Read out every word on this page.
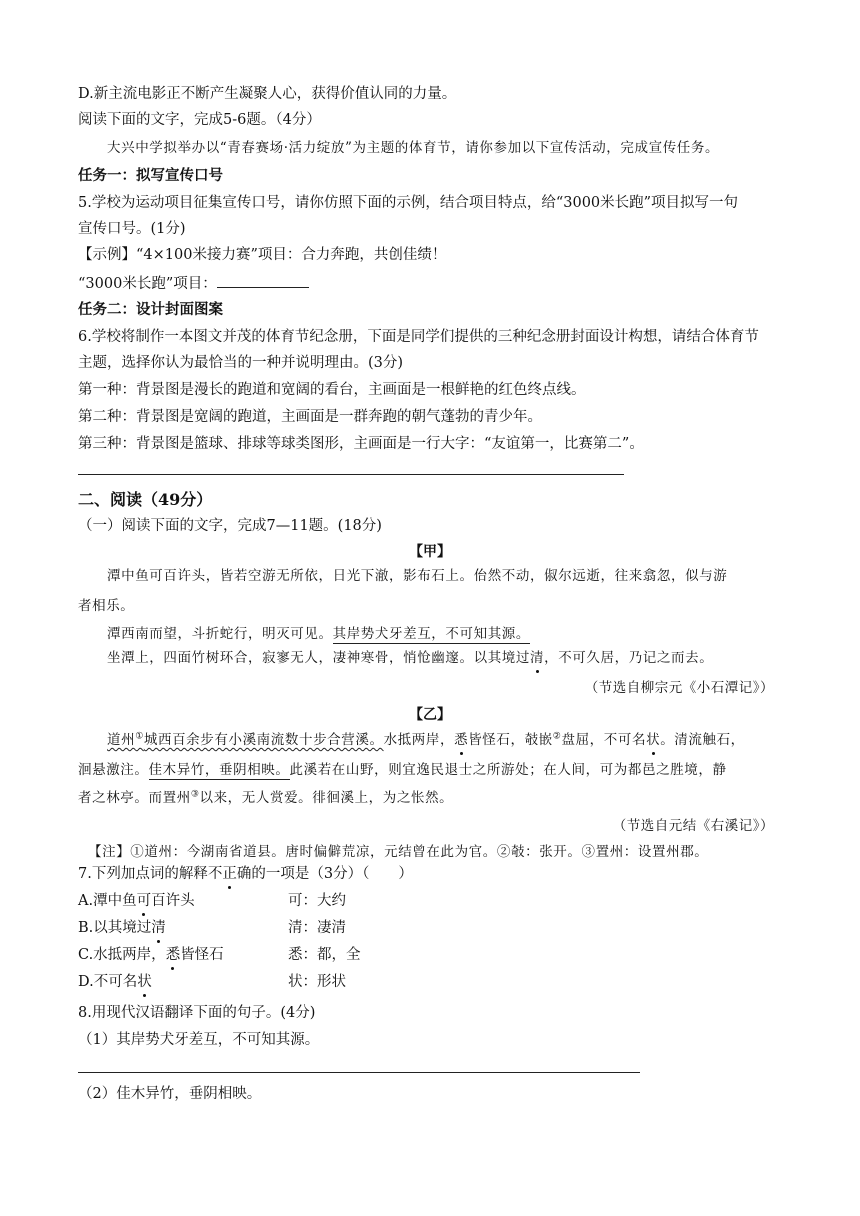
D.新主流电影正不断产生凝聚人心，获得价值认同的力量。
阅读下面的文字，完成5-6题。（4分）
大兴中学拟举办以“青春赛场·活力绽放”为主题的体育节，请你参加以下宣传活动，完成宣传任务。
任务一：拟写宣传口号
5.学校为运动项目征集宣传口号，请你仿照下面的示例，结合项目特点，给“3000米长跑”项目拟写一句
宣传口号。(1分)
【示例】“4×100米接力赛”项目：合力奔跑，共创佳绩！
“3000米长跑”项目：
任务二：设计封面图案
6.学校将制作一本图文并茂的体育节纪念册，下面是同学们提供的三种纪念册封面设计构想，请结合体育节
主题，选择你认为最恰当的一种并说明理由。(3分)
第一种：背景图是漫长的跑道和宽阔的看台，主画面是一根鲜艳的红色终点线。
第二种：背景图是宽阔的跑道，主画面是一群奔跑的朝气蓬勃的青少年。
第三种：背景图是篮球、排球等球类图形，主画面是一行大字：“友谊第一，比赛第二”。
二、阅读（49分）
（一）阅读下面的文字，完成7—11题。(18分)
【甲】
潭中鱼可百许头，皆若空游无所依，日光下澈，影布石上。佁然不动，俶尔远逝，往来翕忽，似与游
者相乐。
潭西南而望，斗折蛇行，明灭可见。其岸势犬牙差互，不可知其源。
坐潭上，四面竹树环合，寂寥无人，凄神寒骨，悄怆幽邃。以其境过清，不可久居，乃记之而去。
（节选自柳宗元《小石潭记》）
【乙】
道州①城西百余步有小溪南流数十步合营溪。水抵两岸，悉皆怪石，攲嵌②盘屈，不可名状。清流触石，
洄悬激注。佳木异竹，垂阴相映。此溪若在山野，则宜逸民退士之所游处；在人间，可为都邑之胜境，静
者之林亭。而置州③以来，无人赏爱。徘徊溪上，为之怅然。
（节选自元结《右溪记》）
【注】①道州：今湖南省道县。唐时偏僻荒凉，元结曾在此为官。②攲：张开。③置州：设置州郡。
7.下列加点词的解释不正确的一项是（3分）（　　）
A.潭中鱼可百许头	可：大约
B.以其境过清	清：凄清
C.水抵两岸，悉皆怪石	悉：都，全
D.不可名状	状：形状
8.用现代汉语翻译下面的句子。(4分)
（1）其岸势犬牙差互，不可知其源。
（2）佳木异竹，垂阴相映。
